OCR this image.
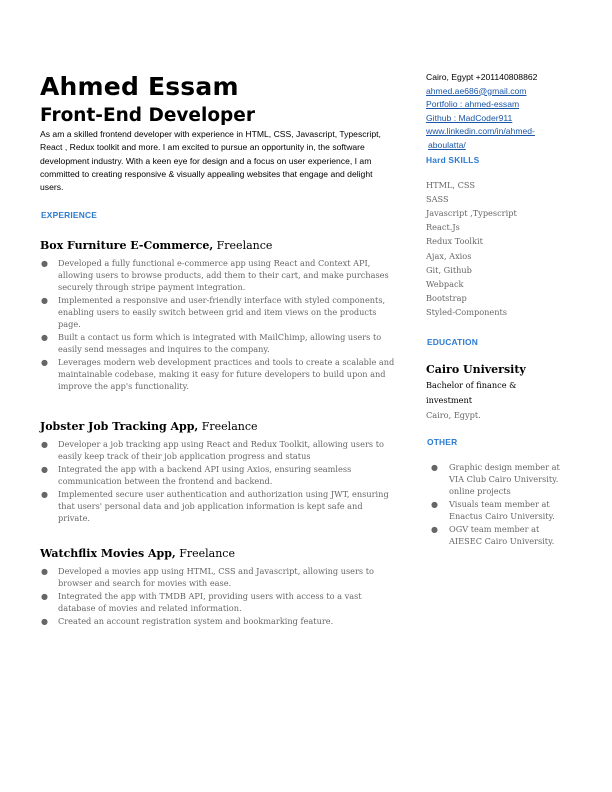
Ahmed Essam
Front-End Developer

As am a skilled frontend developer with experience in HTML, CSS, Javascript, Typescript, React , Redux toolkit and more. I am excited to pursue an opportunity in, the software development industry. With a keen eye for design and a focus on user experience, I am committed to creating responsive & visually appealing websites that engage and delight users.

EXPERIENCE

Box Furniture E-Commerce, Freelance

● Developed a fully functional e-commerce app using React and Context API, allowing users to browse products, add them to their cart, and make purchases securely through stripe payment integration.
● Implemented a responsive and user-friendly interface with styled components, enabling users to easily switch between grid and item views on the products page.
● Built a contact us form which is integrated with MailChimp, allowing users to easily send messages and inquires to the company.
● Leverages modern web development practices and tools to create a scalable and maintainable codebase, making it easy for future developers to build upon and improve the app's functionality.

Jobster Job Tracking App, Freelance

● Developer a job tracking app using React and Redux Toolkit, allowing users to easily keep track of their job application progress and status
● Integrated the app with a backend API using Axios, ensuring seamless communication between the frontend and backend.
● Implemented secure user authentication and authorization using JWT, ensuring that users' personal data and job application information is kept safe and private.

Watchflix Movies App, Freelance

● Developed a movies app using HTML, CSS and Javascript, allowing users to browser and search for movies with ease.
● Integrated the app with TMDB API, providing users with access to a vast database of movies and related information.
● Created an account registration system and bookmarking feature.
Cairo, Egypt +201140808862
ahmed.ae686@gmail.com
Portfolio : ahmed-essam
Github : MadCoder911
www.linkedin.com/in/ahmed-
aboulatta/
Hard SKILLS
HTML, CSS
SASS
Javascript ,Typescript
React.Js
Redux Toolkit
Ajax, Axios
Git, Github
Webpack
Bootstrap
Styled-Components
EDUCATION
Cairo University
Bachelor of finance &
investment
Cairo, Egypt.
OTHER
● Graphic design member at VIA Club Cairo University.
online projects
● Visuals team member at Enactus Cairo University.
● OGV team member at AIESEC Cairo University.
